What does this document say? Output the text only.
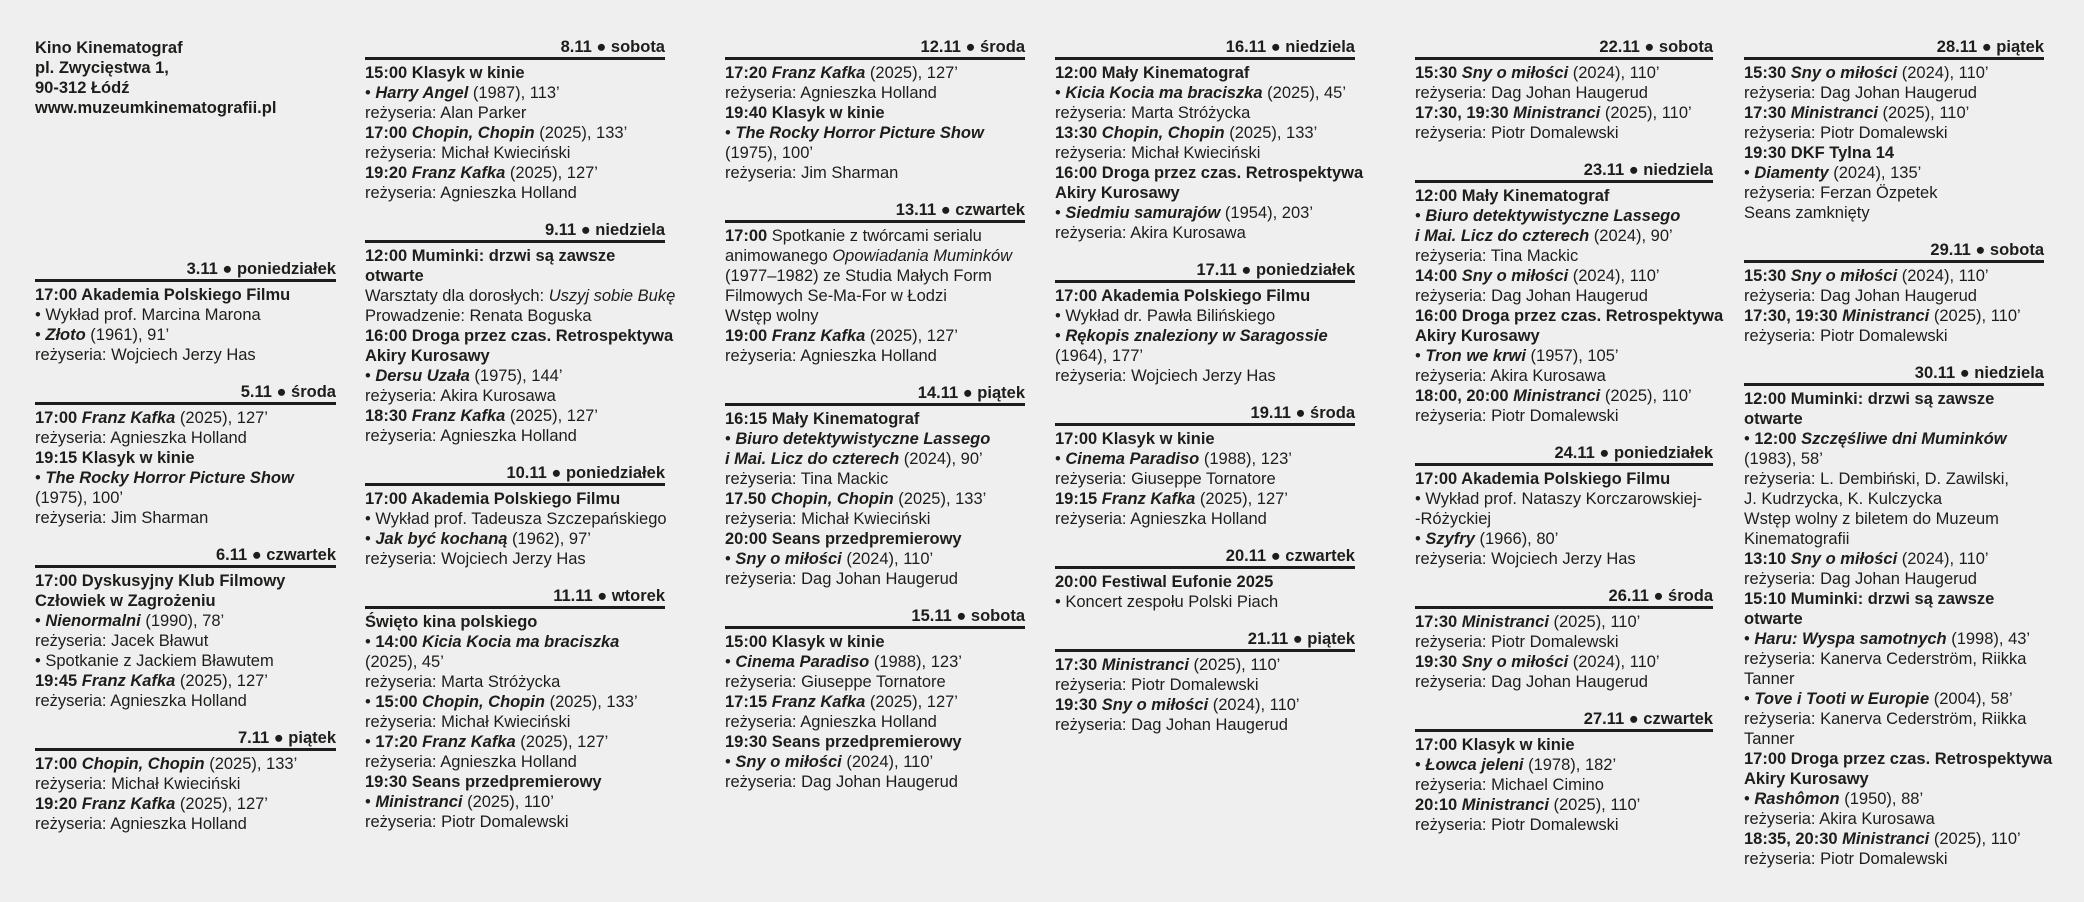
Kino Kinematograf
pl. Zwycięstwa 1,
90-312 Łódź
www.muzeumkinematografii.pl
3.11 ● poniedziałek
17:00 Akademia Polskiego Filmu
• Wykład prof. Marcina Marona
• Złoto (1961), 91’
reżyseria: Wojciech Jerzy Has
5.11 ● środa
17:00 Franz Kafka (2025), 127’
reżyseria: Agnieszka Holland
19:15 Klasyk w kinie
• The Rocky Horror Picture Show
(1975), 100’
reżyseria: Jim Sharman
6.11 ● czwartek
17:00 Dyskusyjny Klub Filmowy
Człowiek w Zagrożeniu
• Nienormalni (1990), 78’
reżyseria: Jacek Bławut
• Spotkanie z Jackiem Bławutem
19:45 Franz Kafka (2025), 127’
reżyseria: Agnieszka Holland
7.11 ● piątek
17:00 Chopin, Chopin (2025), 133’
reżyseria: Michał Kwieciński
19:20 Franz Kafka (2025), 127’
reżyseria: Agnieszka Holland
8.11 ● sobota
15:00 Klasyk w kinie
• Harry Angel (1987), 113’
reżyseria: Alan Parker
17:00 Chopin, Chopin (2025), 133’
reżyseria: Michał Kwieciński
19:20 Franz Kafka (2025), 127’
reżyseria: Agnieszka Holland
9.11 ● niedziela
12:00 Muminki: drzwi są zawsze
otwarte
Warsztaty dla dorosłych: Uszyj sobie Bukę
Prowadzenie: Renata Boguska
16:00 Droga przez czas. Retrospektywa
Akiry Kurosawy
• Dersu Uzała (1975), 144’
reżyseria: Akira Kurosawa
18:30 Franz Kafka (2025), 127’
reżyseria: Agnieszka Holland
10.11 ● poniedziałek
17:00 Akademia Polskiego Filmu
• Wykład prof. Tadeusza Szczepańskiego
• Jak być kochaną (1962), 97’
reżyseria: Wojciech Jerzy Has
11.11 ● wtorek
Święto kina polskiego
• 14:00 Kicia Kocia ma braciszka
(2025), 45’
reżyseria: Marta Stróżycka
• 15:00 Chopin, Chopin (2025), 133’
reżyseria: Michał Kwieciński
• 17:20 Franz Kafka (2025), 127’
reżyseria: Agnieszka Holland
19:30 Seans przedpremierowy
• Ministranci (2025), 110’
reżyseria: Piotr Domalewski
12.11 ● środa
17:20 Franz Kafka (2025), 127’
reżyseria: Agnieszka Holland
19:40 Klasyk w kinie
• The Rocky Horror Picture Show
(1975), 100’
reżyseria: Jim Sharman
13.11 ● czwartek
17:00 Spotkanie z twórcami serialu
animowanego Opowiadania Muminków
(1977–1982) ze Studia Małych Form
Filmowych Se-Ma-For w Łodzi
Wstęp wolny
19:00 Franz Kafka (2025), 127’
reżyseria: Agnieszka Holland
14.11 ● piątek
16:15 Mały Kinematograf
• Biuro detektywistyczne Lassego
i Mai. Licz do czterech (2024), 90’
reżyseria: Tina Mackic
17.50 Chopin, Chopin (2025), 133’
reżyseria: Michał Kwieciński
20:00 Seans przedpremierowy
• Sny o miłości (2024), 110’
reżyseria: Dag Johan Haugerud
15.11 ● sobota
15:00 Klasyk w kinie
• Cinema Paradiso (1988), 123’
reżyseria: Giuseppe Tornatore
17:15 Franz Kafka (2025), 127’
reżyseria: Agnieszka Holland
19:30 Seans przedpremierowy
• Sny o miłości (2024), 110’
reżyseria: Dag Johan Haugerud
16.11 ● niedziela
12:00 Mały Kinematograf
• Kicia Kocia ma braciszka (2025), 45’
reżyseria: Marta Stróżycka
13:30 Chopin, Chopin (2025), 133’
reżyseria: Michał Kwieciński
16:00 Droga przez czas. Retrospektywa
Akiry Kurosawy
• Siedmiu samurajów (1954), 203’
reżyseria: Akira Kurosawa
17.11 ● poniedziałek
17:00 Akademia Polskiego Filmu
• Wykład dr. Pawła Bilińskiego
• Rękopis znaleziony w Saragossie
(1964), 177’
reżyseria: Wojciech Jerzy Has
19.11 ● środa
17:00 Klasyk w kinie
• Cinema Paradiso (1988), 123’
reżyseria: Giuseppe Tornatore
19:15 Franz Kafka (2025), 127’
reżyseria: Agnieszka Holland
20.11 ● czwartek
20:00 Festiwal Eufonie 2025
• Koncert zespołu Polski Piach
21.11 ● piątek
17:30 Ministranci (2025), 110’
reżyseria: Piotr Domalewski
19:30 Sny o miłości (2024), 110’
reżyseria: Dag Johan Haugerud
22.11 ● sobota
15:30 Sny o miłości (2024), 110’
reżyseria: Dag Johan Haugerud
17:30, 19:30 Ministranci (2025), 110’
reżyseria: Piotr Domalewski
23.11 ● niedziela
12:00 Mały Kinematograf
• Biuro detektywistyczne Lassego
i Mai. Licz do czterech (2024), 90’
reżyseria: Tina Mackic
14:00 Sny o miłości (2024), 110’
reżyseria: Dag Johan Haugerud
16:00 Droga przez czas. Retrospektywa
Akiry Kurosawy
• Tron we krwi (1957), 105’
reżyseria: Akira Kurosawa
18:00, 20:00 Ministranci (2025), 110’
reżyseria: Piotr Domalewski
24.11 ● poniedziałek
17:00 Akademia Polskiego Filmu
• Wykład prof. Nataszy Korczarowskiej-
-Różyckiej
• Szyfry (1966), 80’
reżyseria: Wojciech Jerzy Has
26.11 ● środa
17:30 Ministranci (2025), 110’
reżyseria: Piotr Domalewski
19:30 Sny o miłości (2024), 110’
reżyseria: Dag Johan Haugerud
27.11 ● czwartek
17:00 Klasyk w kinie
• Łowca jeleni (1978), 182’
reżyseria: Michael Cimino
20:10 Ministranci (2025), 110’
reżyseria: Piotr Domalewski
28.11 ● piątek
15:30 Sny o miłości (2024), 110’
reżyseria: Dag Johan Haugerud
17:30 Ministranci (2025), 110’
reżyseria: Piotr Domalewski
19:30 DKF Tylna 14
• Diamenty (2024), 135’
reżyseria: Ferzan Özpetek
Seans zamknięty
29.11 ● sobota
15:30 Sny o miłości (2024), 110’
reżyseria: Dag Johan Haugerud
17:30, 19:30 Ministranci (2025), 110’
reżyseria: Piotr Domalewski
30.11 ● niedziela
12:00 Muminki: drzwi są zawsze
otwarte
• 12:00 Szczęśliwe dni Muminków
(1983), 58’
reżyseria: L. Dembiński, D. Zawilski,
J. Kudrzycka, K. Kulczycka
Wstęp wolny z biletem do Muzeum
Kinematografii
13:10 Sny o miłości (2024), 110’
reżyseria: Dag Johan Haugerud
15:10 Muminki: drzwi są zawsze
otwarte
• Haru: Wyspa samotnych (1998), 43’
reżyseria: Kanerva Cederström, Riikka
Tanner
• Tove i Tooti w Europie (2004), 58’
reżyseria: Kanerva Cederström, Riikka
Tanner
17:00 Droga przez czas. Retrospektywa
Akiry Kurosawy
• Rashômon (1950), 88’
reżyseria: Akira Kurosawa
18:35, 20:30 Ministranci (2025), 110’
reżyseria: Piotr Domalewski
